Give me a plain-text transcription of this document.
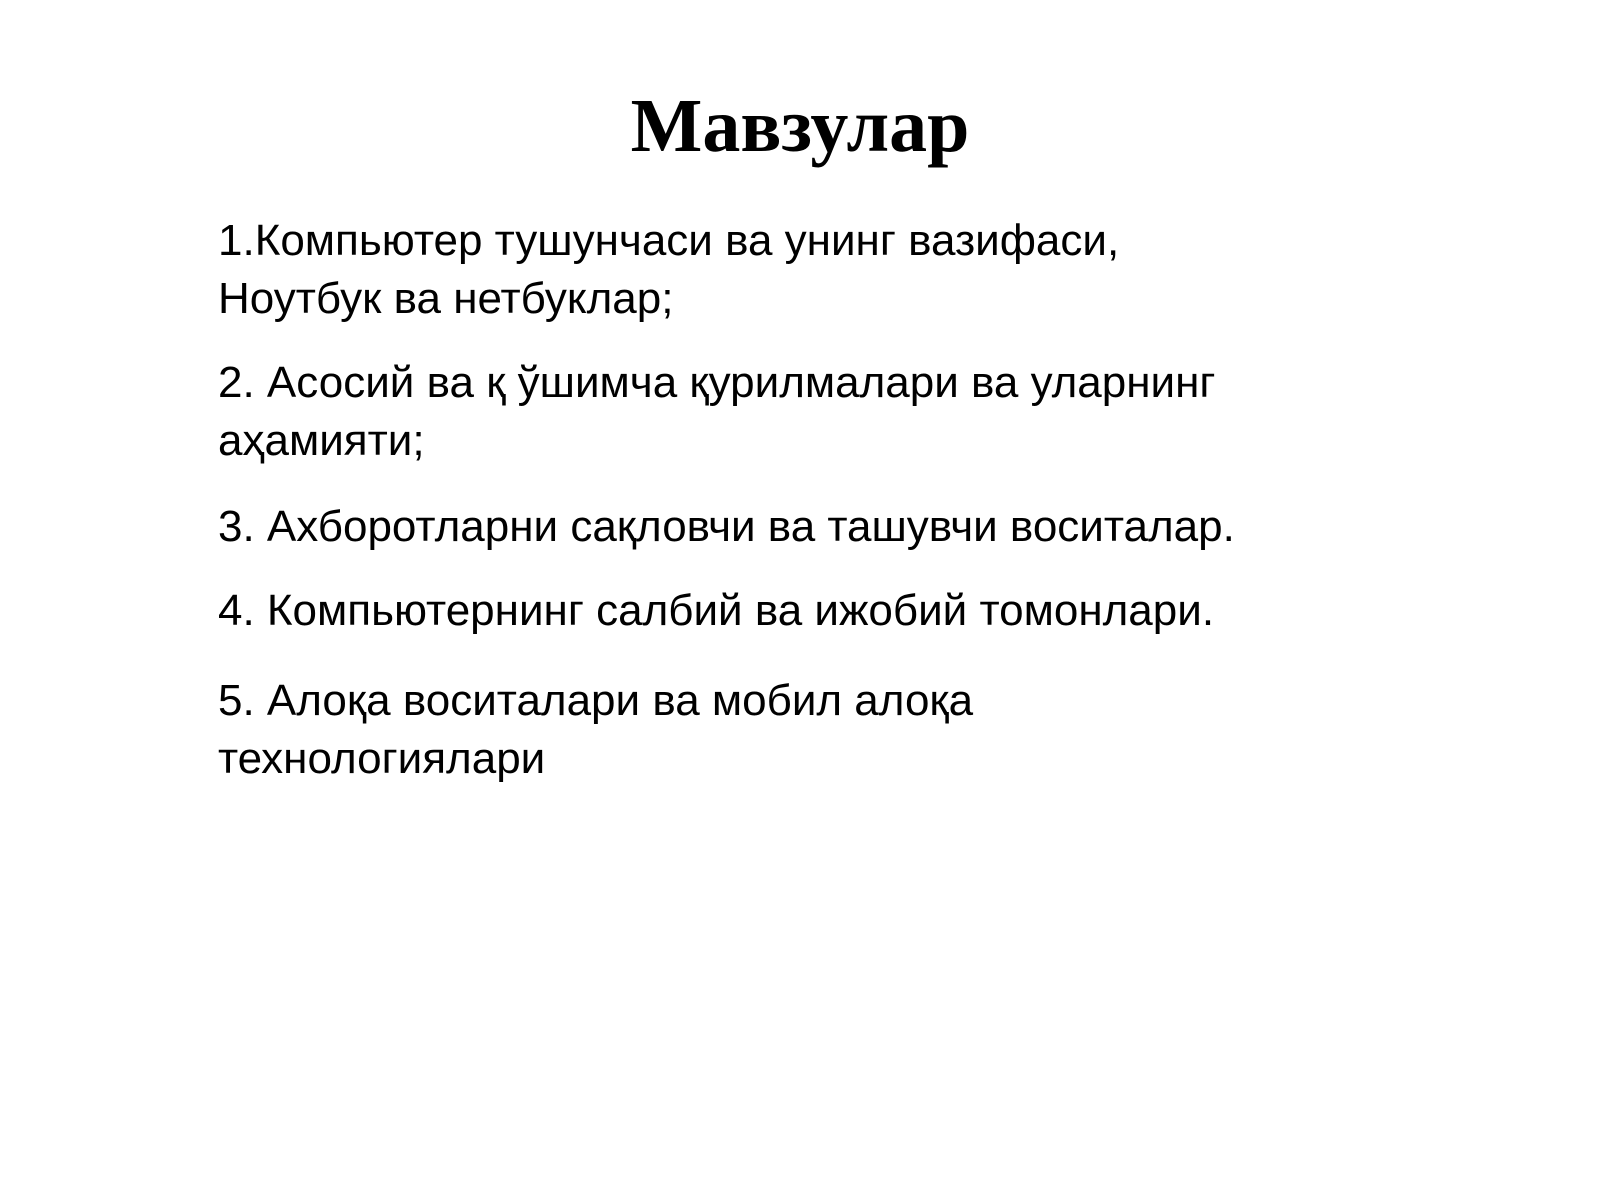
Мавзулар
1.Компьютер тушунчаси ва унинг вазифаси,
Ноутбук ва нетбуклар;
2. Асосий ва қ ўшимча қурилмалари ва уларнинг
аҳамияти;
3. Ахборотларни сақловчи ва ташувчи воситалар.
4. Компьютернинг салбий ва ижобий томонлари.
5. Алоқа воситалари ва мобил алоқа
технологиялари
